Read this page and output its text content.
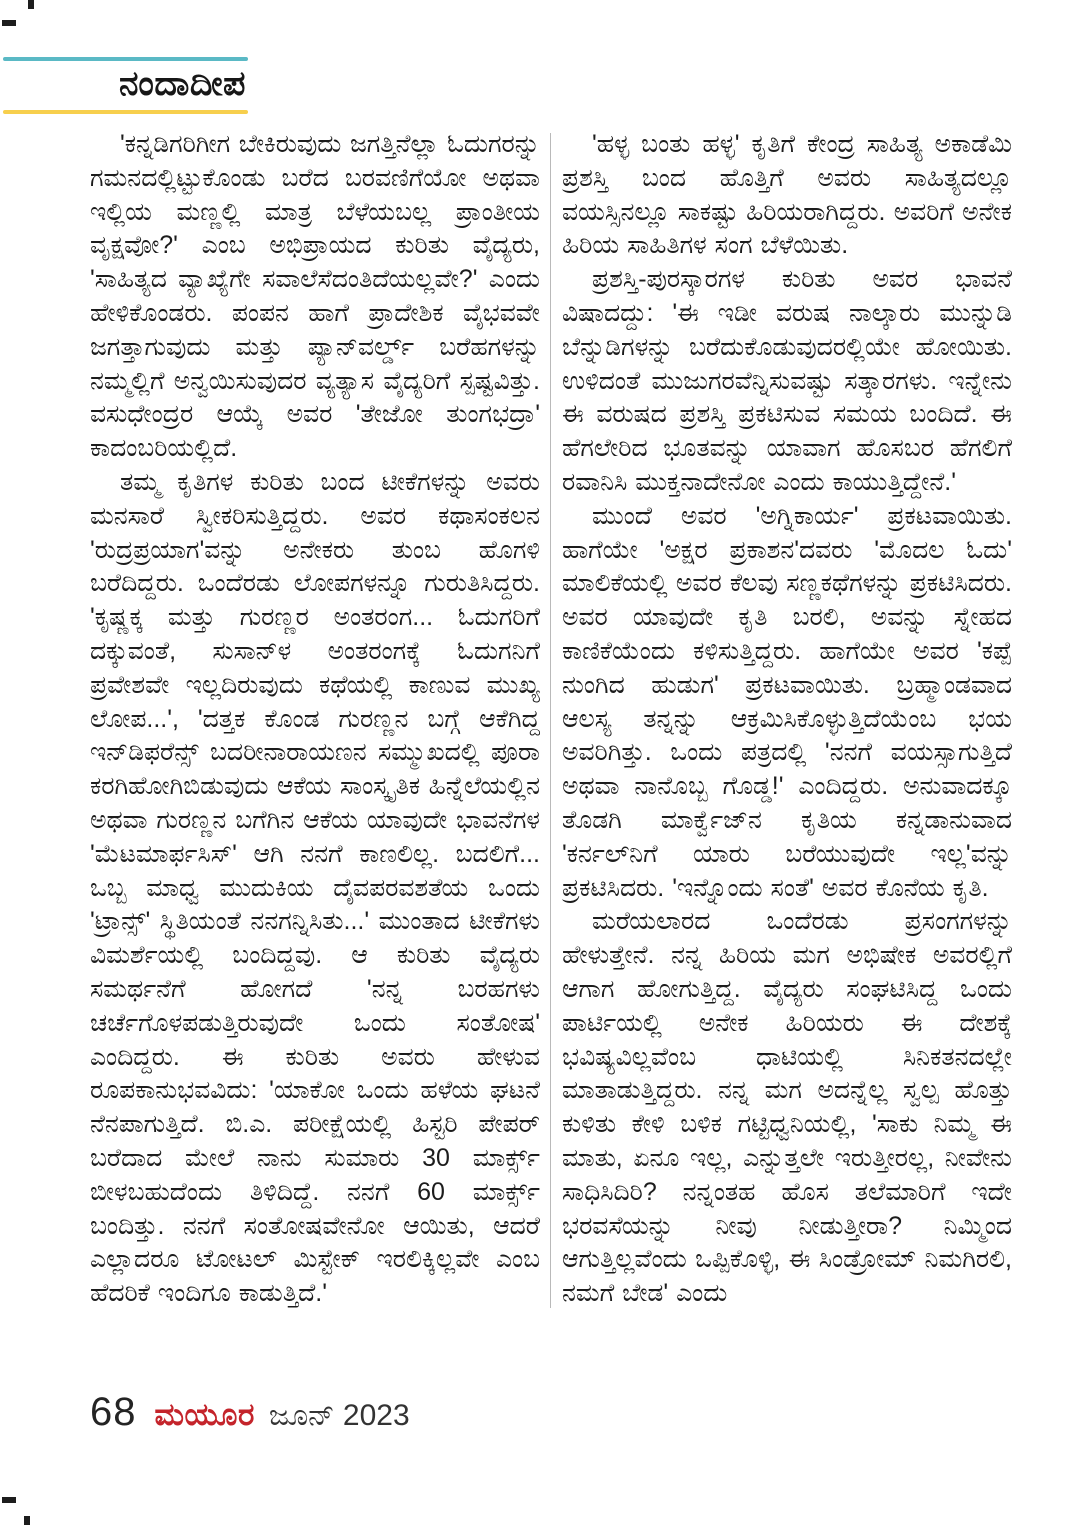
ನಂದಾದೀಪ

'ಕನ್ನಡಿಗರಿಗೀಗ ಬೇಕಿರುವುದು ಜಗತ್ತಿನೆಲ್ಲಾ ಓದುಗರನ್ನು ಗಮನದಲ್ಲಿಟ್ಟುಕೊಂಡು ಬರೆದ ಬರವಣಿಗೆಯೋ ಅಥವಾ ಇಲ್ಲಿಯ ಮಣ್ಣಲ್ಲಿ ಮಾತ್ರ ಬೆಳೆಯಬಲ್ಲ ಪ್ರಾಂತೀಯ ವೃಕ್ಷವೋ?' ಎಂಬ ಅಭಿಪ್ರಾಯದ ಕುರಿತು ವೈದ್ಯರು, 'ಸಾಹಿತ್ಯದ ವ್ಯಾಖ್ಯೆಗೇ ಸವಾಲೆಸೆದಂತಿದೆಯಲ್ಲವೇ?' ಎಂದು ಹೇಳಿಕೊಂಡರು. ಪಂಪನ ಹಾಗೆ ಪ್ರಾದೇಶಿಕ ವೈಭವವೇ ಜಗತ್ತಾಗುವುದು ಮತ್ತು ಪ್ಯಾನ್‌ವರ್ಲ್ಡ್ ಬರೆಹಗಳನ್ನು ನಮ್ಮಲ್ಲಿಗೆ ಅನ್ವಯಿಸುವುದರ ವ್ಯತ್ಯಾಸ ವೈದ್ಯರಿಗೆ ಸ್ಪಷ್ಟವಿತ್ತು. ವಸುಧೇಂದ್ರರ ಆಯ್ಕೆ ಅವರ 'ತೇಜೋ ತುಂಗಭದ್ರಾ' ಕಾದಂಬರಿಯಲ್ಲಿದೆ.

ತಮ್ಮ ಕೃತಿಗಳ ಕುರಿತು ಬಂದ ಟೀಕೆಗಳನ್ನು ಅವರು ಮನಸಾರೆ ಸ್ವೀಕರಿಸುತ್ತಿದ್ದರು. ಅವರ ಕಥಾಸಂಕಲನ 'ರುದ್ರಪ್ರಯಾಗ'ವನ್ನು ಅನೇಕರು ತುಂಬ ಹೊಗಳಿ ಬರೆದಿದ್ದರು. ಒಂದೆರಡು ಲೋಪಗಳನ್ನೂ ಗುರುತಿಸಿದ್ದರು. 'ಕೃಷ್ಣಕ್ಕ ಮತ್ತು ಗುರಣ್ಣರ ಅಂತರಂಗ... ಓದುಗರಿಗೆ ದಕ್ಕುವಂತೆ, ಸುಸಾನ್‌ಳ ಅಂತರಂಗಕ್ಕೆ ಓದುಗನಿಗೆ ಪ್ರವೇಶವೇ ಇಲ್ಲದಿರುವುದು ಕಥೆಯಲ್ಲಿ ಕಾಣುವ ಮುಖ್ಯ ಲೋಪ...', 'ದತ್ತಕ ಕೊಂಡ ಗುರಣ್ಣನ ಬಗ್ಗೆ ಆಕೆಗಿದ್ದ ಇನ್‌ಡಿಫರೆನ್ಸ್ ಬದರೀನಾರಾಯಣನ ಸಮ್ಮುಖದಲ್ಲಿ ಪೂರಾ ಕರಗಿಹೋಗಿಬಿಡುವುದು ಆಕೆಯ ಸಾಂಸ್ಕೃತಿಕ ಹಿನ್ನೆಲೆಯಲ್ಲಿನ ಅಥವಾ ಗುರಣ್ಣನ ಬಗೆಗಿನ ಆಕೆಯ ಯಾವುದೇ ಭಾವನೆಗಳ 'ಮೆಟಮಾರ್ಫಸಿಸ್' ಆಗಿ ನನಗೆ ಕಾಣಲಿಲ್ಲ. ಬದಲಿಗೆ... ಒಬ್ಬ ಮಾಧ್ವ ಮುದುಕಿಯ ದೈವಪರವಶತೆಯ ಒಂದು 'ಟ್ರಾನ್ಸ್' ಸ್ಥಿತಿಯಂತೆ ನನಗನ್ನಿಸಿತು...' ಮುಂತಾದ ಟೀಕೆಗಳು ವಿಮರ್ಶೆಯಲ್ಲಿ ಬಂದಿದ್ದವು. ಆ ಕುರಿತು ವೈದ್ಯರು ಸಮರ್ಥನೆಗೆ ಹೋಗದೆ 'ನನ್ನ ಬರಹಗಳು ಚರ್ಚೆಗೊಳಪಡುತ್ತಿರುವುದೇ ಒಂದು ಸಂತೋಷ' ಎಂದಿದ್ದರು. ಈ ಕುರಿತು ಅವರು ಹೇಳುವ ರೂಪಕಾನುಭವವಿದು: 'ಯಾಕೋ ಒಂದು ಹಳೆಯ ಘಟನೆ ನೆನಪಾಗುತ್ತಿದೆ. ಬಿ.ಎ. ಪರೀಕ್ಷೆಯಲ್ಲಿ ಹಿಸ್ಟರಿ ಪೇಪರ್ ಬರೆದಾದ ಮೇಲೆ ನಾನು ಸುಮಾರು 30 ಮಾರ್ಕ್ಸ್ ಬೀಳಬಹುದೆಂದು ತಿಳಿದಿದ್ದೆ. ನನಗೆ 60 ಮಾರ್ಕ್ಸ್ ಬಂದಿತ್ತು. ನನಗೆ ಸಂತೋಷವೇನೋ ಆಯಿತು, ಆದರೆ ಎಲ್ಲಾದರೂ ಟೋಟಲ್ ಮಿಸ್ಟೇಕ್ ಇರಲಿಕ್ಕಿಲ್ಲವೇ ಎಂಬ ಹೆದರಿಕೆ ಇಂದಿಗೂ ಕಾಡುತ್ತಿದೆ.'

'ಹಳ್ಳ ಬಂತು ಹಳ್ಳ' ಕೃತಿಗೆ ಕೇಂದ್ರ ಸಾಹಿತ್ಯ ಅಕಾಡೆಮಿ ಪ್ರಶಸ್ತಿ ಬಂದ ಹೊತ್ತಿಗೆ ಅವರು ಸಾಹಿತ್ಯದಲ್ಲೂ ವಯಸ್ಸಿನಲ್ಲೂ ಸಾಕಷ್ಟು ಹಿರಿಯರಾಗಿದ್ದರು. ಅವರಿಗೆ ಅನೇಕ ಹಿರಿಯ ಸಾಹಿತಿಗಳ ಸಂಗ ಬೆಳೆಯಿತು.

ಪ್ರಶಸ್ತಿ-ಪುರಸ್ಕಾರಗಳ ಕುರಿತು ಅವರ ಭಾವನೆ ವಿಷಾದದ್ದು: 'ಈ ಇಡೀ ವರುಷ ನಾಲ್ಕಾರು ಮುನ್ನುಡಿ ಬೆನ್ನುಡಿಗಳನ್ನು ಬರೆದುಕೊಡುವುದರಲ್ಲಿಯೇ ಹೋಯಿತು. ಉಳಿದಂತೆ ಮುಜುಗರವೆನ್ನಿಸುವಷ್ಟು ಸತ್ಕಾರಗಳು. ಇನ್ನೇನು ಈ ವರುಷದ ಪ್ರಶಸ್ತಿ ಪ್ರಕಟಿಸುವ ಸಮಯ ಬಂದಿದೆ. ಈ ಹೆಗಲೇರಿದ ಭೂತವನ್ನು ಯಾವಾಗ ಹೊಸಬರ ಹೆಗಲಿಗೆ ರವಾನಿಸಿ ಮುಕ್ತನಾದೇನೋ ಎಂದು ಕಾಯುತ್ತಿದ್ದೇನೆ.'

ಮುಂದೆ ಅವರ 'ಅಗ್ನಿಕಾರ್ಯ' ಪ್ರಕಟವಾಯಿತು. ಹಾಗೆಯೇ 'ಅಕ್ಷರ ಪ್ರಕಾಶನ'ದವರು 'ಮೊದಲ ಓದು' ಮಾಲಿಕೆಯಲ್ಲಿ ಅವರ ಕೆಲವು ಸಣ್ಣಕಥೆಗಳನ್ನು ಪ್ರಕಟಿಸಿದರು. ಅವರ ಯಾವುದೇ ಕೃತಿ ಬರಲಿ, ಅವನ್ನು ಸ್ನೇಹದ ಕಾಣಿಕೆಯೆಂದು ಕಳಿಸುತ್ತಿದ್ದರು. ಹಾಗೆಯೇ ಅವರ 'ಕಪ್ಪೆ ನುಂಗಿದ ಹುಡುಗ' ಪ್ರಕಟವಾಯಿತು. ಬ್ರಹ್ಮಾಂಡವಾದ ಆಲಸ್ಯ ತನ್ನನ್ನು ಆಕ್ರಮಿಸಿಕೊಳ್ಳುತ್ತಿದೆಯೆಂಬ ಭಯ ಅವರಿಗಿತ್ತು. ಒಂದು ಪತ್ರದಲ್ಲಿ 'ನನಗೆ ವಯಸ್ಸಾಗುತ್ತಿದೆ ಅಥವಾ ನಾನೊಬ್ಬ ಗೊಡ್ಡ!' ಎಂದಿದ್ದರು. ಅನುವಾದಕ್ಕೂ ತೊಡಗಿ ಮಾರ್ಕ್ವೆಜ್‌ನ ಕೃತಿಯ ಕನ್ನಡಾನುವಾದ 'ಕರ್ನಲ್‌ನಿಗೆ ಯಾರು ಬರೆಯುವುದೇ ಇಲ್ಲ'ವನ್ನು ಪ್ರಕಟಿಸಿದರು. 'ಇನ್ನೊಂದು ಸಂತೆ' ಅವರ ಕೊನೆಯ ಕೃತಿ.

ಮರೆಯಲಾರದ ಒಂದೆರಡು ಪ್ರಸಂಗಗಳನ್ನು ಹೇಳುತ್ತೇನೆ. ನನ್ನ ಹಿರಿಯ ಮಗ ಅಭಿಷೇಕ ಅವರಲ್ಲಿಗೆ ಆಗಾಗ ಹೋಗುತ್ತಿದ್ದ. ವೈದ್ಯರು ಸಂಘಟಿಸಿದ್ದ ಒಂದು ಪಾರ್ಟಿಯಲ್ಲಿ ಅನೇಕ ಹಿರಿಯರು ಈ ದೇಶಕ್ಕೆ ಭವಿಷ್ಯವಿಲ್ಲವೆಂಬ ಧಾಟಿಯಲ್ಲಿ ಸಿನಿಕತನದಲ್ಲೇ ಮಾತಾಡುತ್ತಿದ್ದರು. ನನ್ನ ಮಗ ಅದನ್ನೆಲ್ಲ ಸ್ವಲ್ಪ ಹೊತ್ತು ಕುಳಿತು ಕೇಳಿ ಬಳಿಕ ಗಟ್ಟಿಧ್ವನಿಯಲ್ಲಿ, 'ಸಾಕು ನಿಮ್ಮ ಈ ಮಾತು, ಏನೂ ಇಲ್ಲ, ಎನ್ನುತ್ತಲೇ ಇರುತ್ತೀರಲ್ಲ, ನೀವೇನು ಸಾಧಿಸಿದಿರಿ? ನನ್ನಂತಹ ಹೊಸ ತಲೆಮಾರಿಗೆ ಇದೇ ಭರವಸೆಯನ್ನು ನೀವು ನೀಡುತ್ತೀರಾ? ನಿಮ್ಮಿಂದ ಆಗುತ್ತಿಲ್ಲವೆಂದು ಒಪ್ಪಿಕೊಳ್ಳಿ, ಈ ಸಿಂಡ್ರೋಮ್ ನಿಮಗಿರಲಿ, ನಮಗೆ ಬೇಡ' ಎಂದು

68 ಮಯೂರ ಜೂನ್ 2023
